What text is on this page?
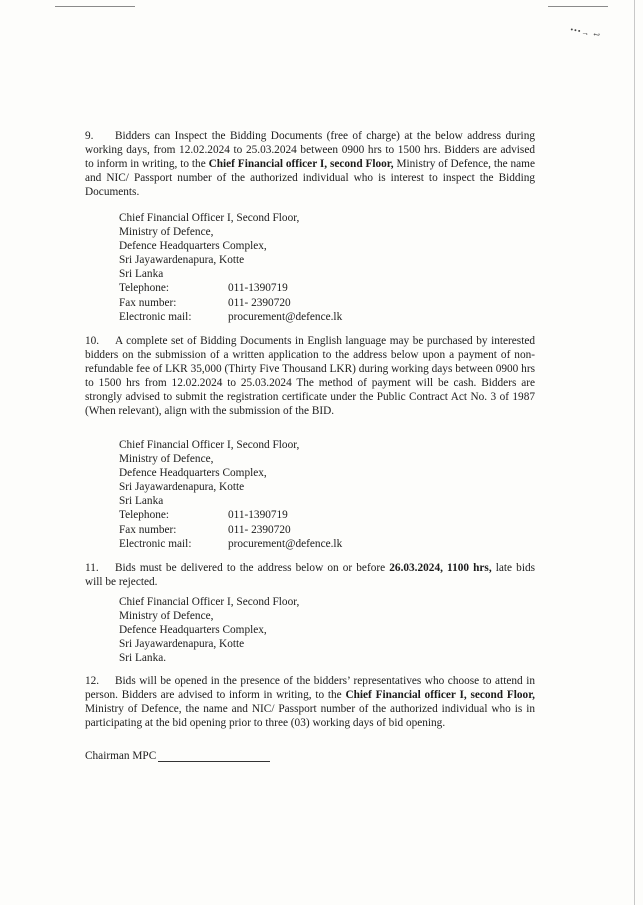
•••→ ↩
9. Bidders can Inspect the Bidding Documents (free of charge) at the below address during working days, from 12.02.2024 to 25.03.2024 between 0900 hrs to 1500 hrs. Bidders are advised to inform in writing, to the Chief Financial officer I, second Floor, Ministry of Defence, the name and NIC/ Passport number of the authorized individual who is interest to inspect the Bidding Documents.
Chief Financial Officer I, Second Floor,
Ministry of Defence,
Defence Headquarters Complex,
Sri Jayawardenapura, Kotte
Sri Lanka
Telephone:	011-1390719
Fax number:	011- 2390720
Electronic mail:	procurement@defence.lk
10. A complete set of Bidding Documents in English language may be purchased by interested bidders on the submission of a written application to the address below upon a payment of non-refundable fee of LKR 35,000 (Thirty Five Thousand LKR) during working days between 0900 hrs to 1500 hrs from 12.02.2024 to 25.03.2024 The method of payment will be cash. Bidders are strongly advised to submit the registration certificate under the Public Contract Act No. 3 of 1987 (When relevant), align with the submission of the BID.
Chief Financial Officer I, Second Floor,
Ministry of Defence,
Defence Headquarters Complex,
Sri Jayawardenapura, Kotte
Sri Lanka
Telephone:	011-1390719
Fax number:	011- 2390720
Electronic mail:	procurement@defence.lk
11. Bids must be delivered to the address below on or before 26.03.2024, 1100 hrs, late bids will be rejected.
Chief Financial Officer I, Second Floor,
Ministry of Defence,
Defence Headquarters Complex,
Sri Jayawardenapura, Kotte
Sri Lanka.
12. Bids will be opened in the presence of the bidders’ representatives who choose to attend in person. Bidders are advised to inform in writing, to the Chief Financial officer I, second Floor, Ministry of Defence, the name and NIC/ Passport number of the authorized individual who is in participating at the bid opening prior to three (03) working days of bid opening.
Chairman MPC
